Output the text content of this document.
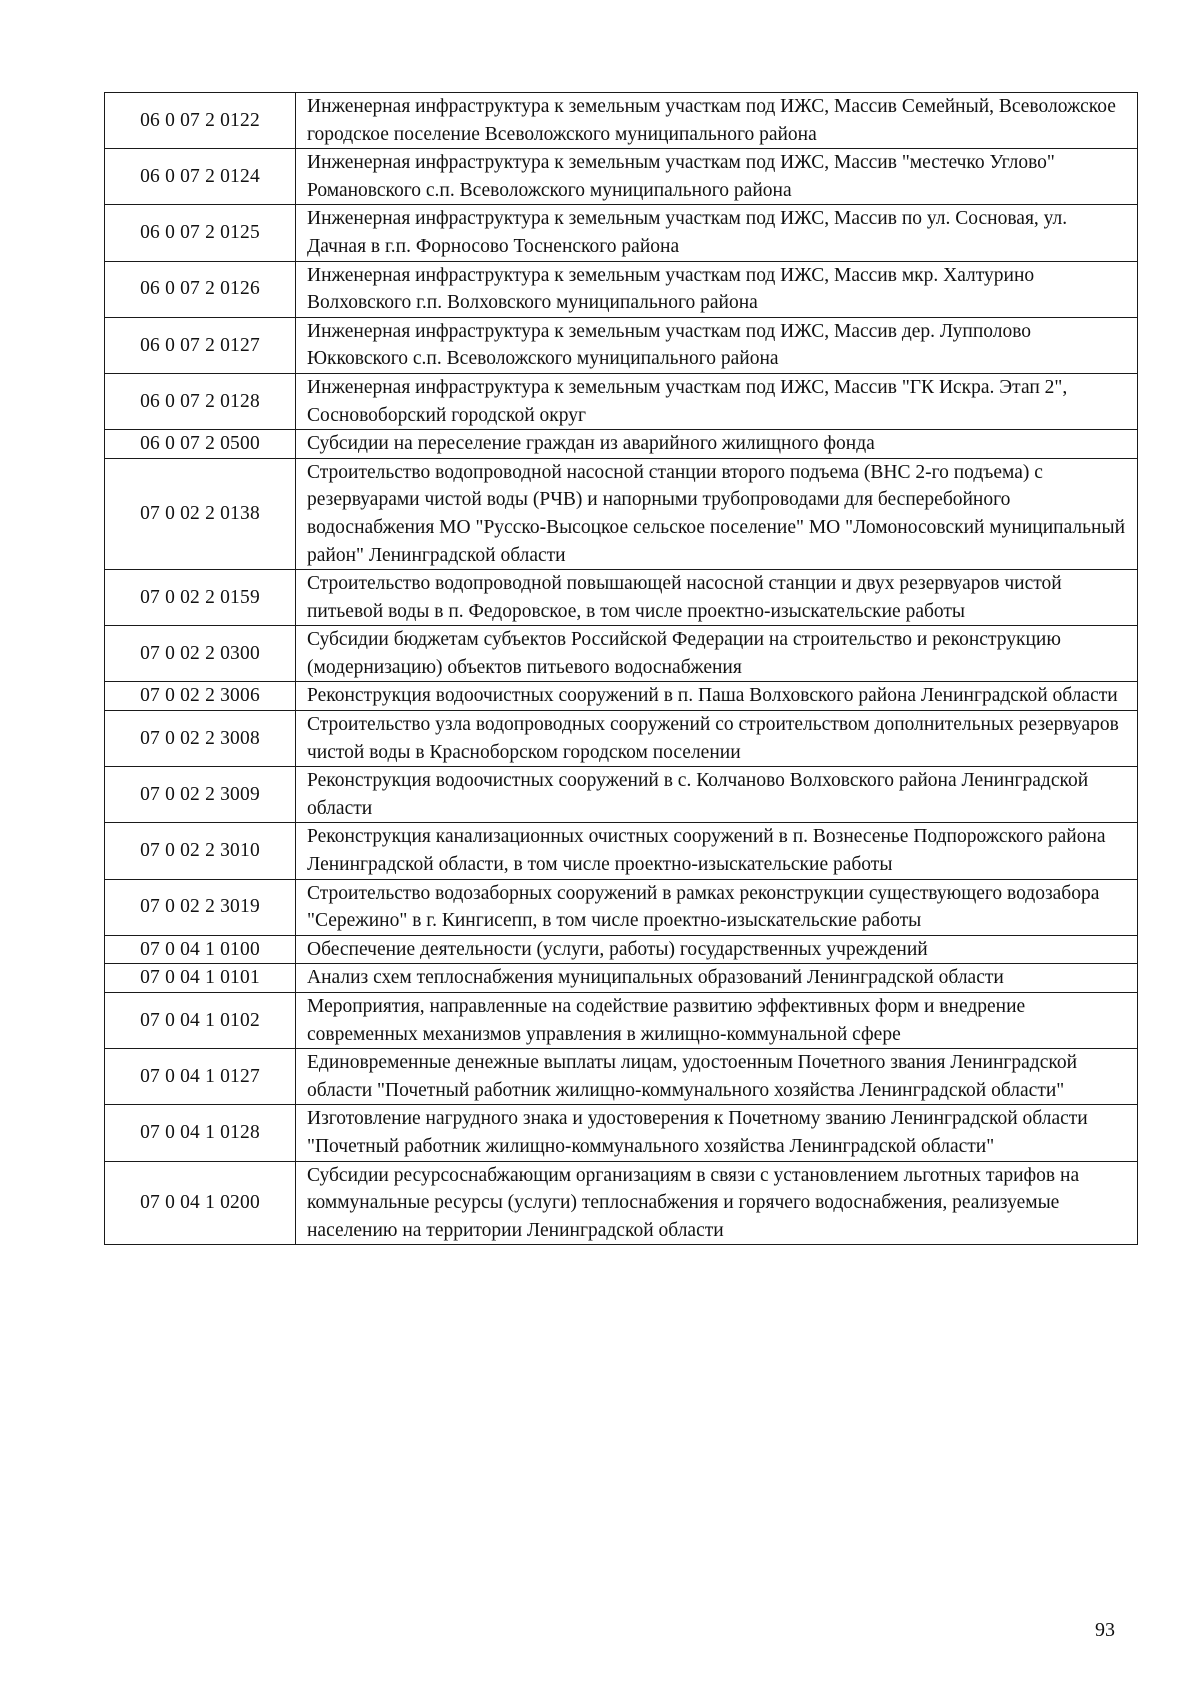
06 0 07 2 0122	Инженерная инфраструктура к земельным участкам под ИЖС, Массив Семейный, Всеволожское городское поселение Всеволожского муниципального района
06 0 07 2 0124	Инженерная инфраструктура к земельным участкам под ИЖС, Массив "местечко Углово" Романовского с.п. Всеволожского муниципального района
06 0 07 2 0125	Инженерная инфраструктура к земельным участкам под ИЖС, Массив по ул. Сосновая, ул. Дачная в г.п. Форносово Тосненского района
06 0 07 2 0126	Инженерная инфраструктура к земельным участкам под ИЖС, Массив мкр. Халтурино Волховского г.п. Волховского муниципального района
06 0 07 2 0127	Инженерная инфраструктура к земельным участкам под ИЖС, Массив дер. Лупполово Юкковского с.п. Всеволожского муниципального района
06 0 07 2 0128	Инженерная инфраструктура к земельным участкам под ИЖС, Массив "ГК Искра. Этап 2", Сосновоборский городской округ
06 0 07 2 0500	Субсидии на переселение граждан из аварийного жилищного фонда
07 0 02 2 0138	Строительство водопроводной насосной станции второго подъема (ВНС 2-го подъема) с резервуарами чистой воды (РЧВ) и напорными трубопроводами для бесперебойного водоснабжения МО "Русско-Высоцкое сельское поселение" МО "Ломоносовский муниципальный район" Ленинградской области
07 0 02 2 0159	Строительство водопроводной повышающей насосной станции и двух резервуаров чистой питьевой воды в п. Федоровское, в том числе проектно-изыскательские работы
07 0 02 2 0300	Субсидии бюджетам субъектов Российской Федерации на строительство и реконструкцию (модернизацию) объектов питьевого водоснабжения
07 0 02 2 3006	Реконструкция водоочистных сооружений в п. Паша Волховского района Ленинградской области
07 0 02 2 3008	Строительство узла водопроводных сооружений со строительством дополнительных резервуаров чистой воды в Красноборском городском поселении
07 0 02 2 3009	Реконструкция водоочистных сооружений в с. Колчаново Волховского района Ленинградской области
07 0 02 2 3010	Реконструкция канализационных очистных сооружений в п. Вознесенье Подпорожского района Ленинградской области, в том числе проектно-изыскательские работы
07 0 02 2 3019	Строительство водозаборных сооружений в рамках реконструкции существующего водозабора "Сережино" в г. Кингисепп, в том числе проектно-изыскательские работы
07 0 04 1 0100	Обеспечение деятельности (услуги, работы) государственных учреждений
07 0 04 1 0101	Анализ схем теплоснабжения муниципальных образований Ленинградской области
07 0 04 1 0102	Мероприятия, направленные на содействие развитию эффективных форм и внедрение современных механизмов управления в жилищно-коммунальной сфере
07 0 04 1 0127	Единовременные денежные выплаты лицам, удостоенным Почетного звания Ленинградской области "Почетный работник жилищно-коммунального хозяйства Ленинградской области"
07 0 04 1 0128	Изготовление нагрудного знака и удостоверения к Почетному званию Ленинградской области "Почетный работник жилищно-коммунального хозяйства Ленинградской области"
07 0 04 1 0200	Субсидии ресурсоснабжающим организациям в связи с установлением льготных тарифов на коммунальные ресурсы (услуги) теплоснабжения и горячего водоснабжения, реализуемые населению на территории Ленинградской области
93
